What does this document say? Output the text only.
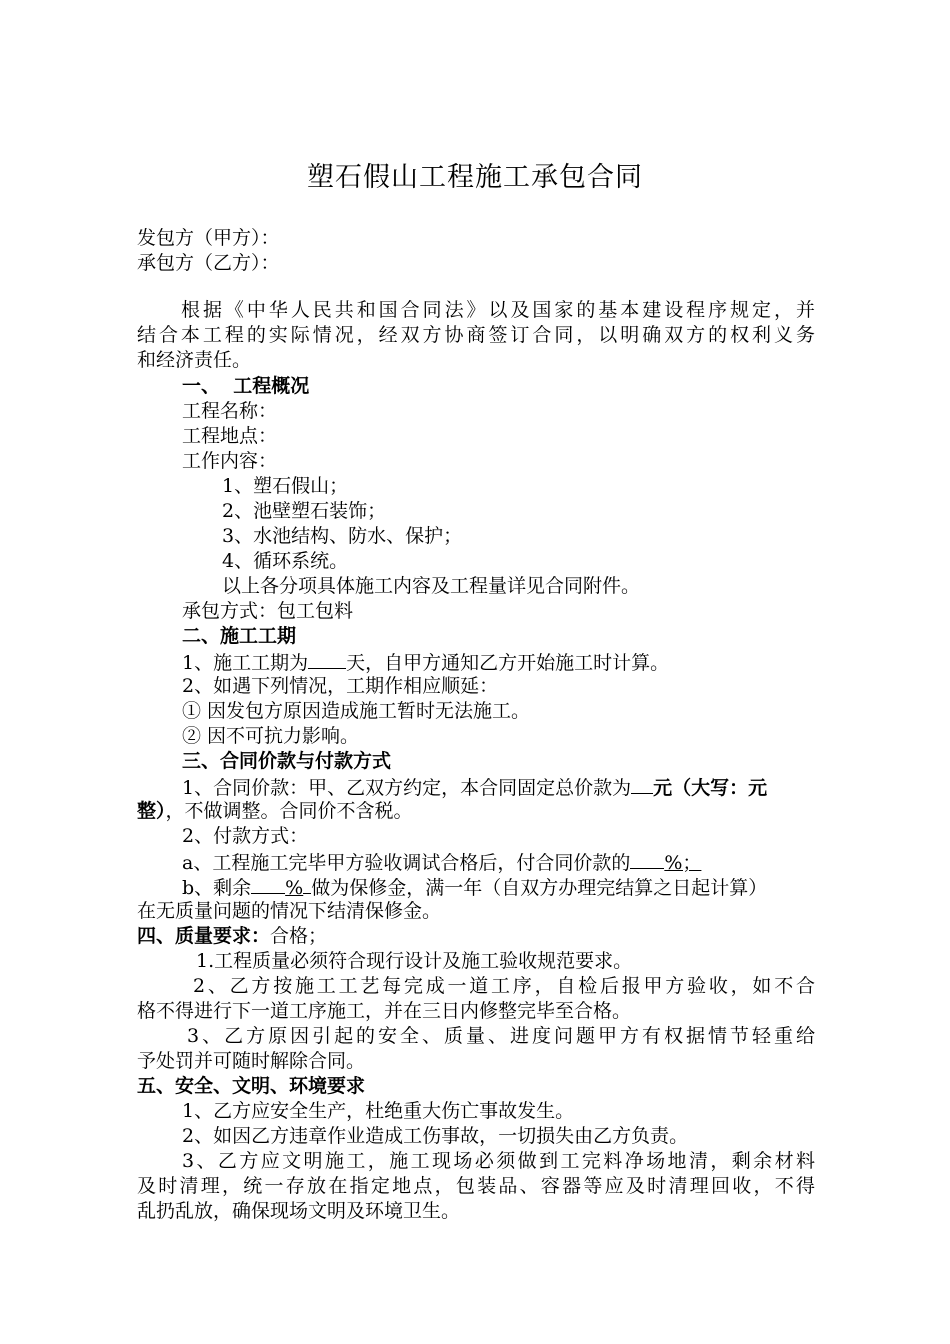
塑石假山工程施工承包合同
发包方（甲方）：
承包方（乙方）：
根据《中华人民共和国合同法》以及国家的基本建设程序规定，并
结合本工程的实际情况，经双方协商签订合同，以明确双方的权利义务
和经济责任。
一、  工程概况
工程名称：
工程地点：
工作内容：
1、塑石假山；
2、池壁塑石装饰；
3、水池结构、防水、保护；
4、循环系统。
以上各分项具体施工内容及工程量详见合同附件。
承包方式：包工包料
二、施工工期
1、施工工期为 天，自甲方通知乙方开始施工时计算。
2、如遇下列情况，工期作相应顺延：
① 因发包方原因造成施工暂时无法施工。
② 因不可抗力影响。
三、合同价款与付款方式
1、合同价款：甲、乙双方约定，本合同固定总价款为 元（大写：元
整），不做调整。合同价不含税。
2、付款方式：
a、工程施工完毕甲方验收调试合格后，付合同价款的 %；
b、剩余 % 做为保修金，满一年（自双方办理完结算之日起计算）
在无质量问题的情况下结清保修金。
四、质量要求：合格；
1.工程质量必须符合现行设计及施工验收规范要求。
2、乙方按施工工艺每完成一道工序，自检后报甲方验收，如不合
格不得进行下一道工序施工，并在三日内修整完毕至合格。
3、乙方原因引起的安全、质量、进度问题甲方有权据情节轻重给
予处罚并可随时解除合同。
五、安全、文明、环境要求
1、乙方应安全生产，杜绝重大伤亡事故发生。
2、如因乙方违章作业造成工伤事故，一切损失由乙方负责。
3、乙方应文明施工，施工现场必须做到工完料净场地清，剩余材料
及时清理，统一存放在指定地点，包装品、容器等应及时清理回收，不得
乱扔乱放，确保现场文明及环境卫生。
